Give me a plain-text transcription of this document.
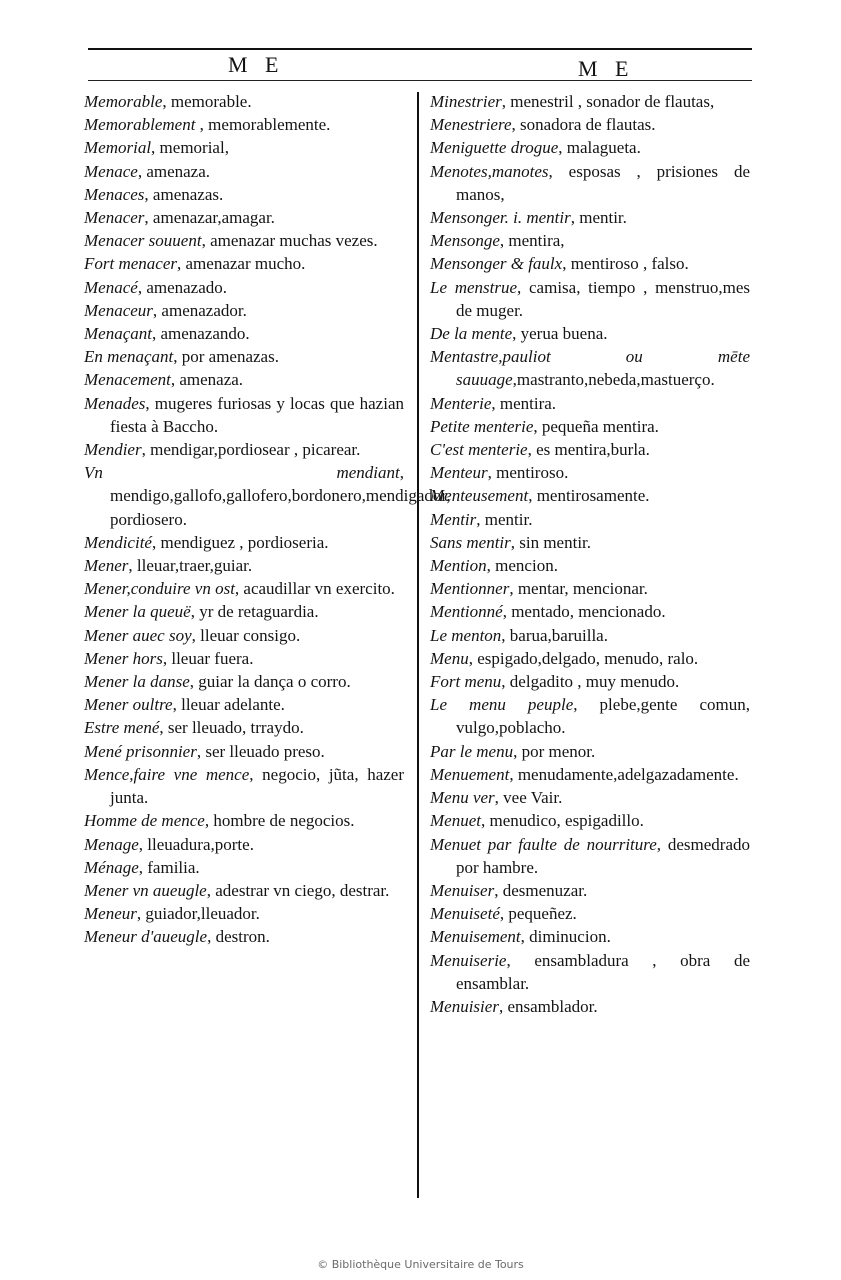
M E	M E

Memorable, memorable.

Memorablement , memorablemente.

Memorial, memorial,

Menace, amenaza.

Menaces, amenazas.

Menacer, amenazar,amagar.

Menacer souuent, amenazar muchas vezes.

Fort menacer, amenazar mucho.

Menacé, amenazado.

Menaceur, amenazador.

Menaçant, amenazando.

En menaçant, por amenazas.

Menacement, amenaza.

Menades, mugeres furiosas y locas que hazian fiesta à Baccho.

Mendier, mendigar,pordiosear , picarear.

Vn mendiant, mendigo,gallofo,gallofero,bordonero,mendigador, pordiosero.

Mendicité, mendiguez , pordioseria.

Mener, lleuar,traer,guiar.

Mener,conduire vn ost, acaudillar vn exercito.

Mener la queuë, yr de retaguardia.

Mener auec soy, lleuar consigo.

Mener hors, lleuar fuera.

Mener la danse, guiar la dança o corro.

Mener oultre, lleuar adelante.

Estre mené, ser lleuado, trraydo.

Mené prisonnier, ser lleuado preso.

Mence,faire vne mence, negocio, jũta, hazer junta.

Homme de mence, hombre de negocios.

Menage, lleuadura,porte.

Ménage, familia.

Mener vn aueugle, adestrar vn ciego, destrar.

Meneur, guiador,lleuador.

Meneur d'aueugle, destron.

Minestrier, menestril , sonador de flautas,

Menestriere, sonadora de flautas.

Meniguette drogue, malagueta.

Menotes,manotes, esposas , prisiones de manos,

Mensonger. i. mentir, mentir.

Mensonge, mentira,

Mensonger & faulx, mentiroso , falso.

Le menstrue, camisa, tiempo , menstruo,mes de muger.

De la mente, yerua buena.

Mentastre,pauliot ou mēte sauuage,mastranto,nebeda,mastuerço.

Menterie, mentira.

Petite menterie, pequeña mentira.

C'est menterie, es mentira,burla.

Menteur, mentiroso.

Menteusement, mentirosamente.

Mentir, mentir.

Sans mentir, sin mentir.

Mention, mencion.

Mentionner, mentar, mencionar.

Mentionné, mentado, mencionado.

Le menton, barua,baruilla.

Menu, espigado,delgado, menudo, ralo.

Fort menu, delgadito , muy menudo.

Le menu peuple, plebe,gente comun, vulgo,poblacho.

Par le menu, por menor.

Menuement, menudamente,adelgazadamente.

Menu ver, vee Vair.

Menuet, menudico, espigadillo.

Menuet par faulte de nourriture, desmedrado por hambre.

Menuiser, desmenuzar.

Menuiseté, pequeñez.

Menuisement, diminucion.

Menuiserie, ensambladura , obra de ensamblar.

Menuisier, ensamblador.

© Bibliothèque Universitaire de Tours
